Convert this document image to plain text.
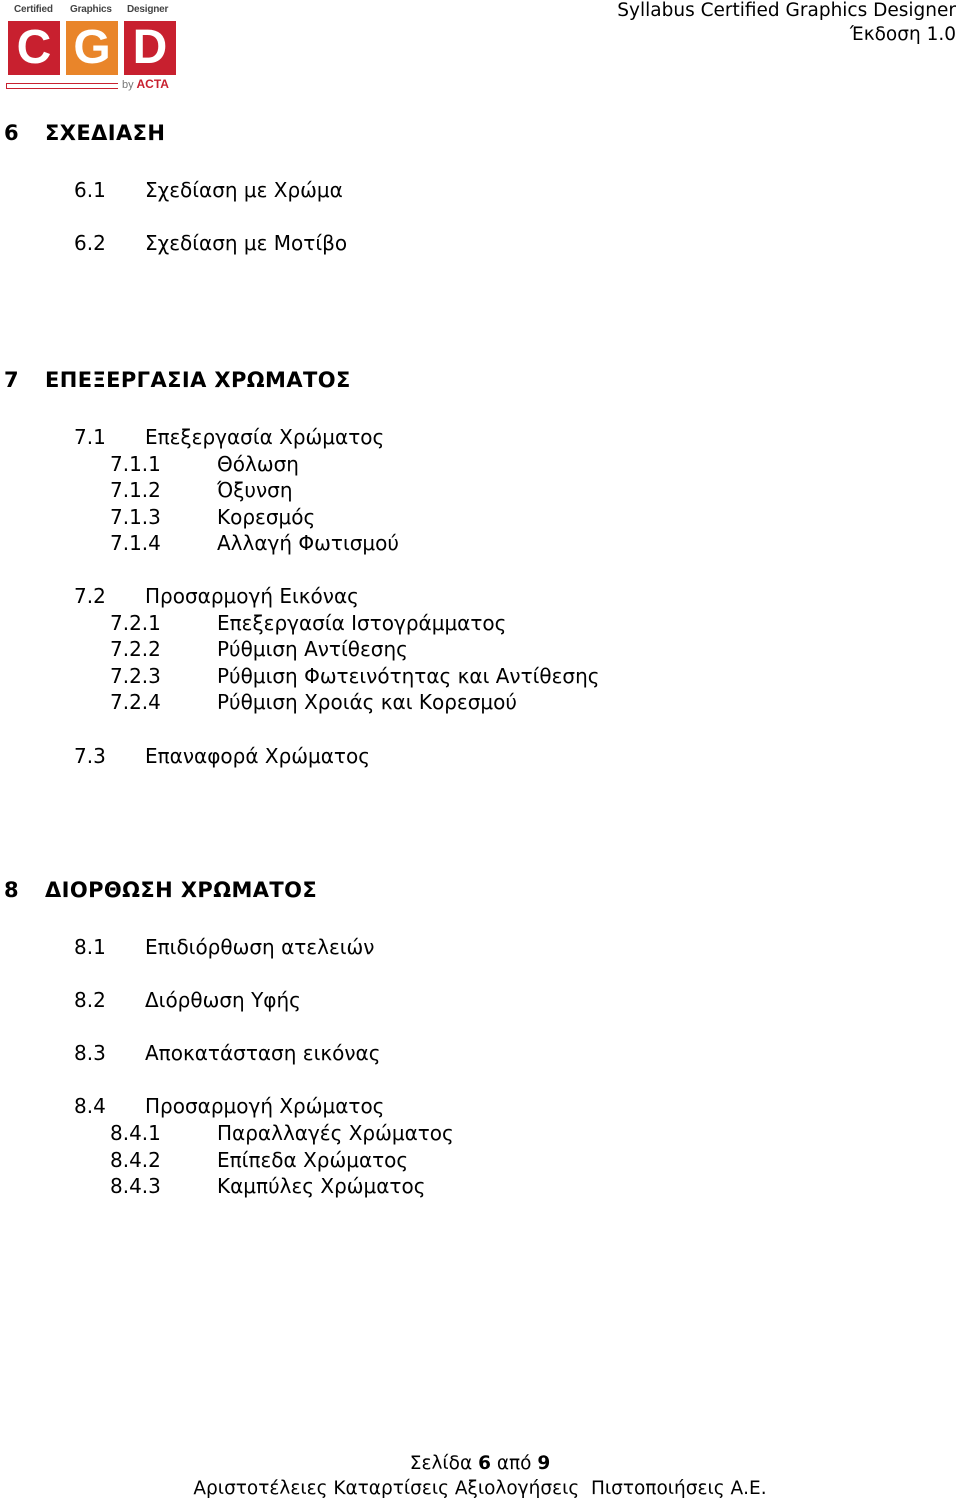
Certified Graphics Designer
C G D
by ACTA
Syllabus Certified Graphics Designer
Έκδοση 1.0
6 ΣΧΕΔΙΑΣΗ
6.1 Σχεδίαση με Χρώμα
6.2 Σχεδίαση με Μοτίβο
7 ΕΠΕΞΕΡΓΑΣΙΑ ΧΡΩΜΑΤΟΣ
7.1 Επεξεργασία Χρώματος
7.1.1	Θόλωση
7.1.2	Όξυνση
7.1.3	Κορεσμός
7.1.4	Αλλαγή Φωτισμού
7.2 Προσαρμογή Εικόνας
7.2.1	Επεξεργασία Ιστογράμματος
7.2.2	Ρύθμιση Αντίθεσης
7.2.3	Ρύθμιση Φωτεινότητας και Αντίθεσης
7.2.4	Ρύθμιση Χροιάς και Κορεσμού
7.3 Επαναφορά Χρώματος
8 ΔΙΟΡΘΩΣΗ ΧΡΩΜΑΤΟΣ
8.1 Επιδιόρθωση ατελειών
8.2 Διόρθωση Υφής
8.3 Αποκατάσταση εικόνας
8.4 Προσαρμογή Χρώματος
8.4.1	Παραλλαγές Χρώματος
8.4.2	Επίπεδα Χρώματος
8.4.3	Καμπύλες Χρώματος
Σελίδα 6 από 9
Αριστοτέλειες Καταρτίσεις Αξιολογήσεις  Πιστοποιήσεις Α.Ε.
